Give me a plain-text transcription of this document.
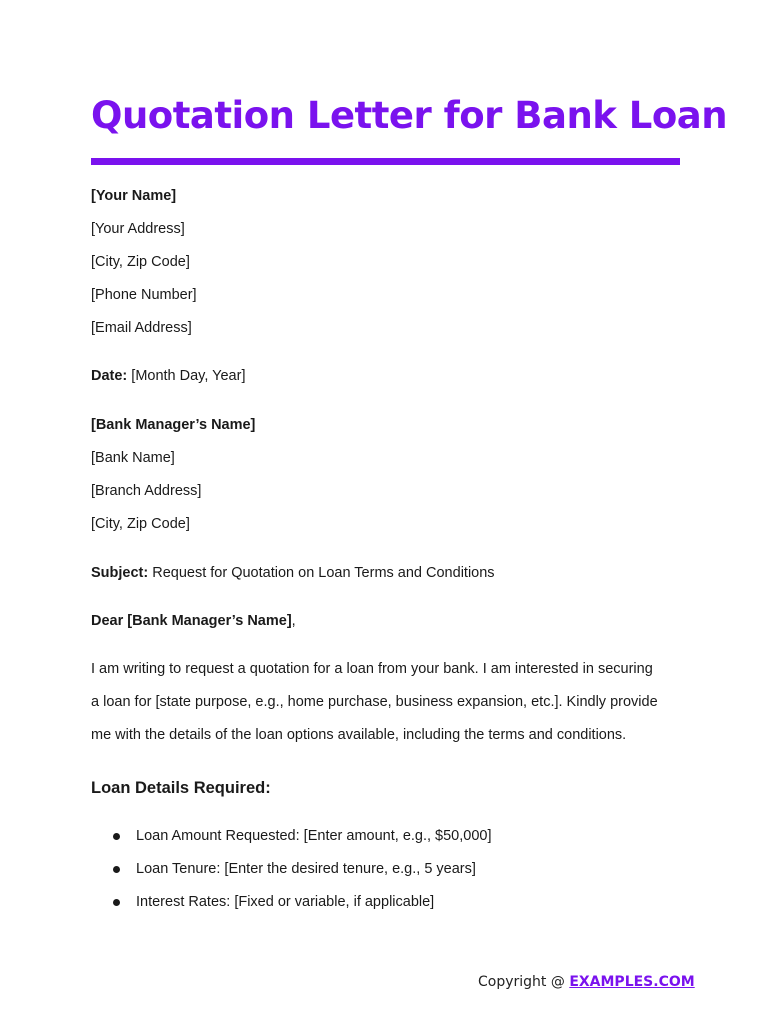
Quotation Letter for Bank Loan

[Your Name]

[Your Address]

[City, Zip Code]

[Phone Number]

[Email Address]

Date: [Month Day, Year]

[Bank Manager’s Name]

[Bank Name]

[Branch Address]

[City, Zip Code]

Subject: Request for Quotation on Loan Terms and Conditions

Dear [Bank Manager’s Name],

I am writing to request a quotation for a loan from your bank. I am interested in securing

a loan for [state purpose, e.g., home purchase, business expansion, etc.]. Kindly provide

me with the details of the loan options available, including the terms and conditions.

Loan Details Required:
Loan Amount Requested: [Enter amount, e.g., $50,000]
Loan Tenure: [Enter the desired tenure, e.g., 5 years]
Interest Rates: [Fixed or variable, if applicable]
Copyright @ EXAMPLES.COM
